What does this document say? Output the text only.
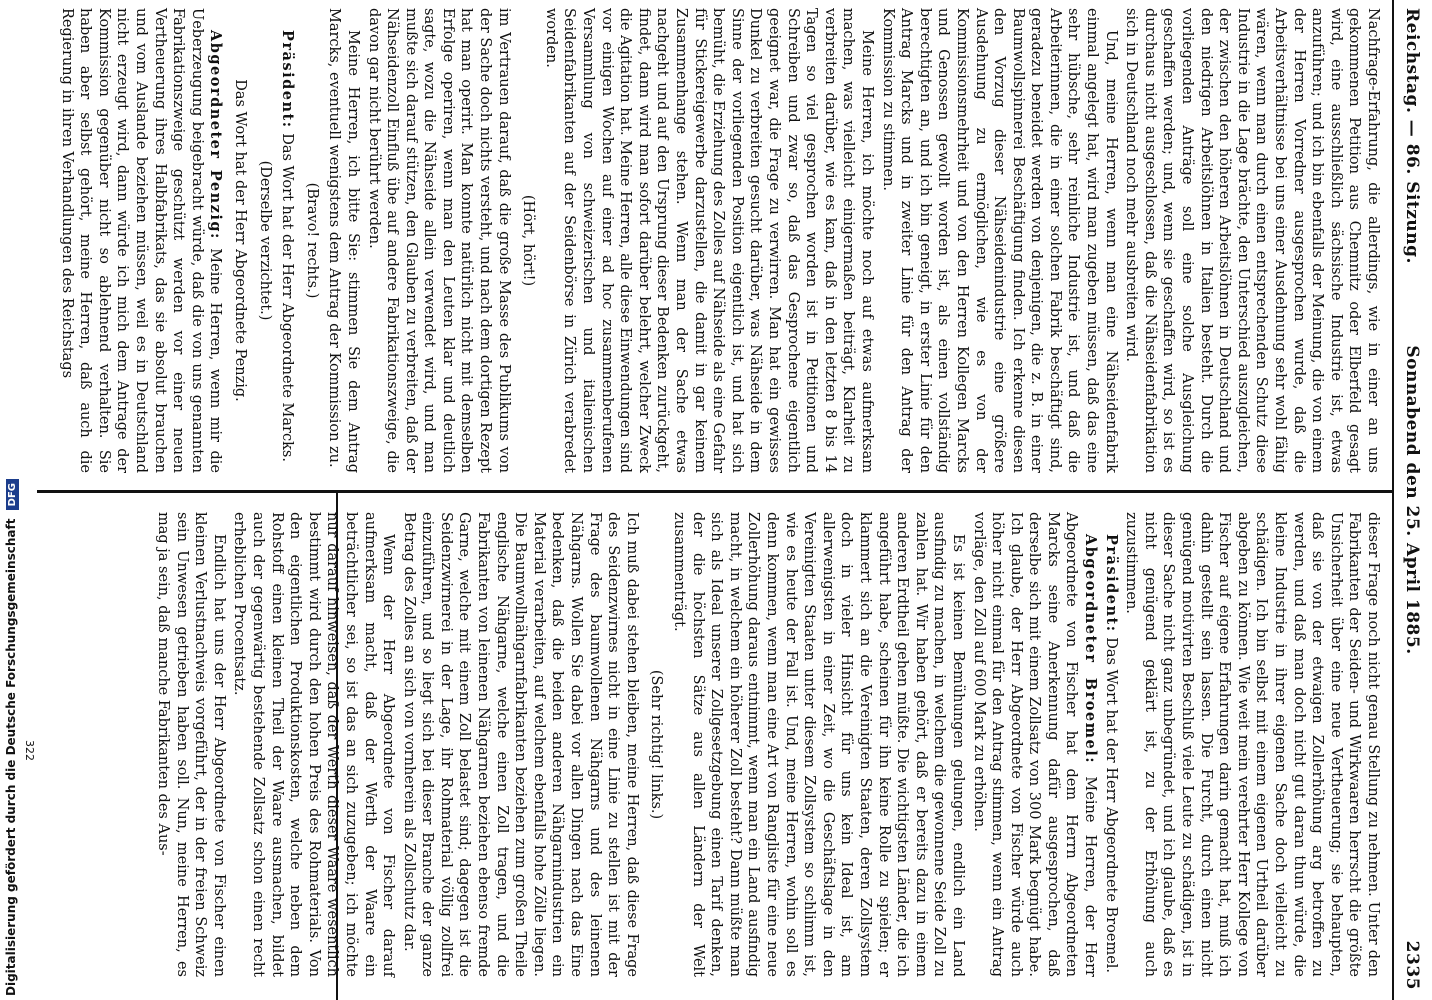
Reichstag. — 86. Sitzung.
Sonnabend den 25. April 1885.
2335

Nachfrage-Erfahrung, die allerdings, wie in einer an uns gekommenen Petition aus Chemnitz oder Elberfeld gesagt wird, eine ausschließlich sächsische Industrie ist, etwas anzuführen; und ich bin ebenfalls der Meinung, die von einem der Herren Vorredner ausgesprochen wurde, daß die Arbeitsverhältnisse bei uns einer Ausdehnung sehr wohl fähig wären, wenn man durch einen entsprechenden Schutz diese Industrie in die Lage brächte, den Unterschied auszugleichen, der zwischen den höheren Arbeitslöhnen in Deutschland und den niedrigen Arbeitslöhnen in Italien besteht. Durch die vorliegenden Anträge soll eine solche Ausgleichung geschaffen werden; und, wenn sie geschaffen wird, so ist es durchaus nicht ausgeschlossen, daß die Nähseidenfabrikation sich in Deutschland noch mehr ausbreiten wird.

Und, meine Herren, wenn man eine Nähseidenfabrik einmal angelegt hat, wird man zugeben müssen, daß das eine sehr hübsche, sehr reinliche Industrie ist, und daß die Arbeiterinnen, die in einer solchen Fabrik beschäftigt sind, geradezu beneidet werden von denjenigen, die z. B. in einer Baumwollspinnerei Beschäftigung finden. Ich erkenne diesen den Vorzug dieser Nähseidenindustrie eine größere Ausdehnung zu ermöglichen, wie es von der Kommissionsmehrheit und von den Herren Kollegen Marcks und Genossen gewollt worden ist, als einen vollständig berechtigten an, und ich bin geneigt, in erster Linie für den Antrag Marcks und in zweiter Linie für den Antrag der Kommission zu stimmen.

Meine Herren, ich möchte noch auf etwas aufmerksam machen, was vielleicht einigermaßen beiträgt, Klarheit zu verbreiten darüber, wie es kam, daß in den letzten 8 bis 14 Tagen so viel gesprochen worden ist in Petitionen und Schreiben und zwar so, daß das Gesprochene eigentlich geeignet war, die Frage zu verwirren. Man hat ein gewisses Dunkel zu verbreiten gesucht darüber, was Nähseide in dem Sinne der vorliegenden Position eigentlich ist, und hat sich bemüht, die Erziehung des Zolles auf Nähseide als eine Gefahr für Stickereigewerbe darzustellen, die damit in gar keinem Zusammenhange stehen. Wenn man der Sache etwas nachgeht und auf den Ursprung dieser Bedenken zurückgeht, findet, dann wird man sofort darüber belehrt, welcher Zweck die Agitation hat. Meine Herren, alle diese Einwendungen sind vor einigen Wochen auf einer ad hoc zusammenberufenen Versammlung von schweizerischen und italienischen Seidenfabrikanten auf der Seidenbörse in Zürich verabredet worden.

(Hört, hört!)

im Vertrauen darauf, daß die große Masse des Publikums von der Sache doch nichts versteht, und nach dem dortigen Rezept hat man operirt. Man konnte natürlich nicht mit demselben Erfolge operiren, wenn man den Leuten klar und deutlich sagte, wozu die Nähseide allein verwendet wird, und man mußte sich darauf stützen, den Glauben zu verbreiten, daß der Nähseidenzoll Einfluß übe auf andere Fabrikationszweige, die davon gar nicht berührt werden.

Meine Herren, ich bitte Sie: stimmen Sie dem Antrag Marcks, eventuell wenigstens dem Antrag der Kommission zu.

(Bravo! rechts.)

Präsident: Das Wort hat der Herr Abgeordnete Marcks.

(Derselbe verzichtet.)

Das Wort hat der Herr Abgeordnete Penzig.

Abgeordneter Penzig: Meine Herren, wenn mir die Ueberzeugung beigebracht würde, daß die von uns genannten Fabrikationszweige geschützt werden vor einer neuen Vertheuerung ihres Halbfabrikats, das sie absolut brauchen und vom Auslande beziehen müssen, weil es in Deutschland nicht erzeugt wird, dann würde ich mich dem Antrage der Kommission gegenüber nicht so ablehnend verhalten. Sie haben aber selbst gehört, meine Herren, daß auch die Regierung in ihren Verhandlungen des Reichstags

dieser Frage noch nicht genau Stellung zu nehmen. Unter den Fabrikanten der Seiden- und Wirkwaaren herrscht die größte Unsicherheit über eine neue Vertheuerung; sie behaupten, daß sie von der etwaigen Zollerhöhung arg betroffen zu werden, und daß man doch nicht gut daran thun würde, die kleine Industrie in ihrer eigenen Sache doch vielleicht zu schädigen. Ich bin selbst mit einem eigenen Urtheil darüber abgeben zu können. Wie weit mein verehrter Herr Kollege von Fischer auf eigene Erfahrungen darin gemacht hat, muß ich dahin gestellt sein lassen. Die Furcht, durch einen nicht genügend motivirten Beschluß viele Leute zu schädigen, ist in dieser Sache nicht ganz unbegründet, und ich glaube, daß es nicht genügend geklärt ist, zu der Erhöhung auch zuzustimmen.

Präsident: Das Wort hat der Herr Abgeordnete Broemel.

Abgeordneter Broemel: Meine Herren, der Herr Abgeordnete von Fischer hat dem Herrn Abgeordneten Marcks seine Anerkennung dafür ausgesprochen, daß derselbe sich mit einem Zollsatz von 300 Mark begnügt habe. Ich glaube, der Herr Abgeordnete von Fischer würde auch höher nicht einmal für den Antrag stimmen, wenn ein Antrag vorläge, den Zoll auf 600 Mark zu erhöhen.

Es ist keinen Bemühungen gelungen, endlich ein Land ausfindig zu machen, in welchem die gewonnene Seide Zoll zu zahlen hat. Wir haben gehört, daß er bereits dazu in einem anderen Erdtheil gehen müßte. Die wichtigsten Länder, die ich angeführt habe, scheinen für ihn keine Rolle zu spielen; er klammert sich an die Vereinigten Staaten, deren Zollsystem doch in vieler Hinsicht für uns kein Ideal ist, am allerwenigsten in einer Zeit, wo die Geschäftslage in den Vereinigten Staaten unter diesem Zollsystem so schlimm ist, wie es heute der Fall ist. Und, meine Herren, wohin soll es denn kommen, wenn man eine Art von Rangliste für eine neue Zollerhöhung daraus entnimmt, wenn man ein Land ausfindig macht, in welchem ein höherer Zoll besteht? Dann müßte man sich als Ideal unserer Zollgesetzgebung einen Tarif denken, der die höchsten Sätze aus allen Ländern der Welt zusammenträgt.

(Sehr richtig! links.)

Ich muß dabei stehen bleiben, meine Herren, daß diese Frage des Seidenzwirnes nicht in eine Linie zu stellen ist mit der Frage des baumwollenen Nähgarns und des leinenen Nähgarns. Wollen Sie dabei vor allen Dingen nach das Eine bedenken, daß die beiden anderen Nähgarnindustrien ein Material verarbeiten, auf welchem ebenfalls hohe Zölle liegen. Die Baumwollnähgarnfabrikanten beziehen zum großen Theile englische Nähgarne, welche einen Zoll tragen, und die Fabrikanten von leinenen Nähgarnen beziehen ebenso fremde Garne, welche mit einem Zoll belastet sind; dagegen ist die Seidenzwirnerei in der Lage, ihr Rohmaterial völlig zollfrei einzuführen, und so liegt sich bei dieser Branche der ganze Betrag des Zolles an sich von vornherein als Zollschutz dar.

Wenn der Herr Abgeordnete von Fischer darauf aufmerksam macht, daß der Werth der Waare ein beträchtlicher sei, so ist das an sich zuzugeben; ich möchte nur darauf hinweisen, daß der Werth dieser Waare wesentlich bestimmt wird durch den hohen Preis des Rohmaterials. Von den eigentlichen Produktionskosten, welche neben dem Rohstoff einen kleinen Theil der Waare ausmachen, bildet auch der gegenwärtig bestehende Zollsatz schon einen recht erheblichen Procentsatz.

Endlich hat uns der Herr Abgeordnete von Fischer einen kleinen Verlustnachweis vorgeführt, der in der freien Schweiz sein Unwesen getrieben haben soll. Nun, meine Herren, es mag ja sein, daß manche Fabrikanten des Aus-

322
Digitalisierung gefördert durch die Deutsche Forschungsgemeinschaft DFG
